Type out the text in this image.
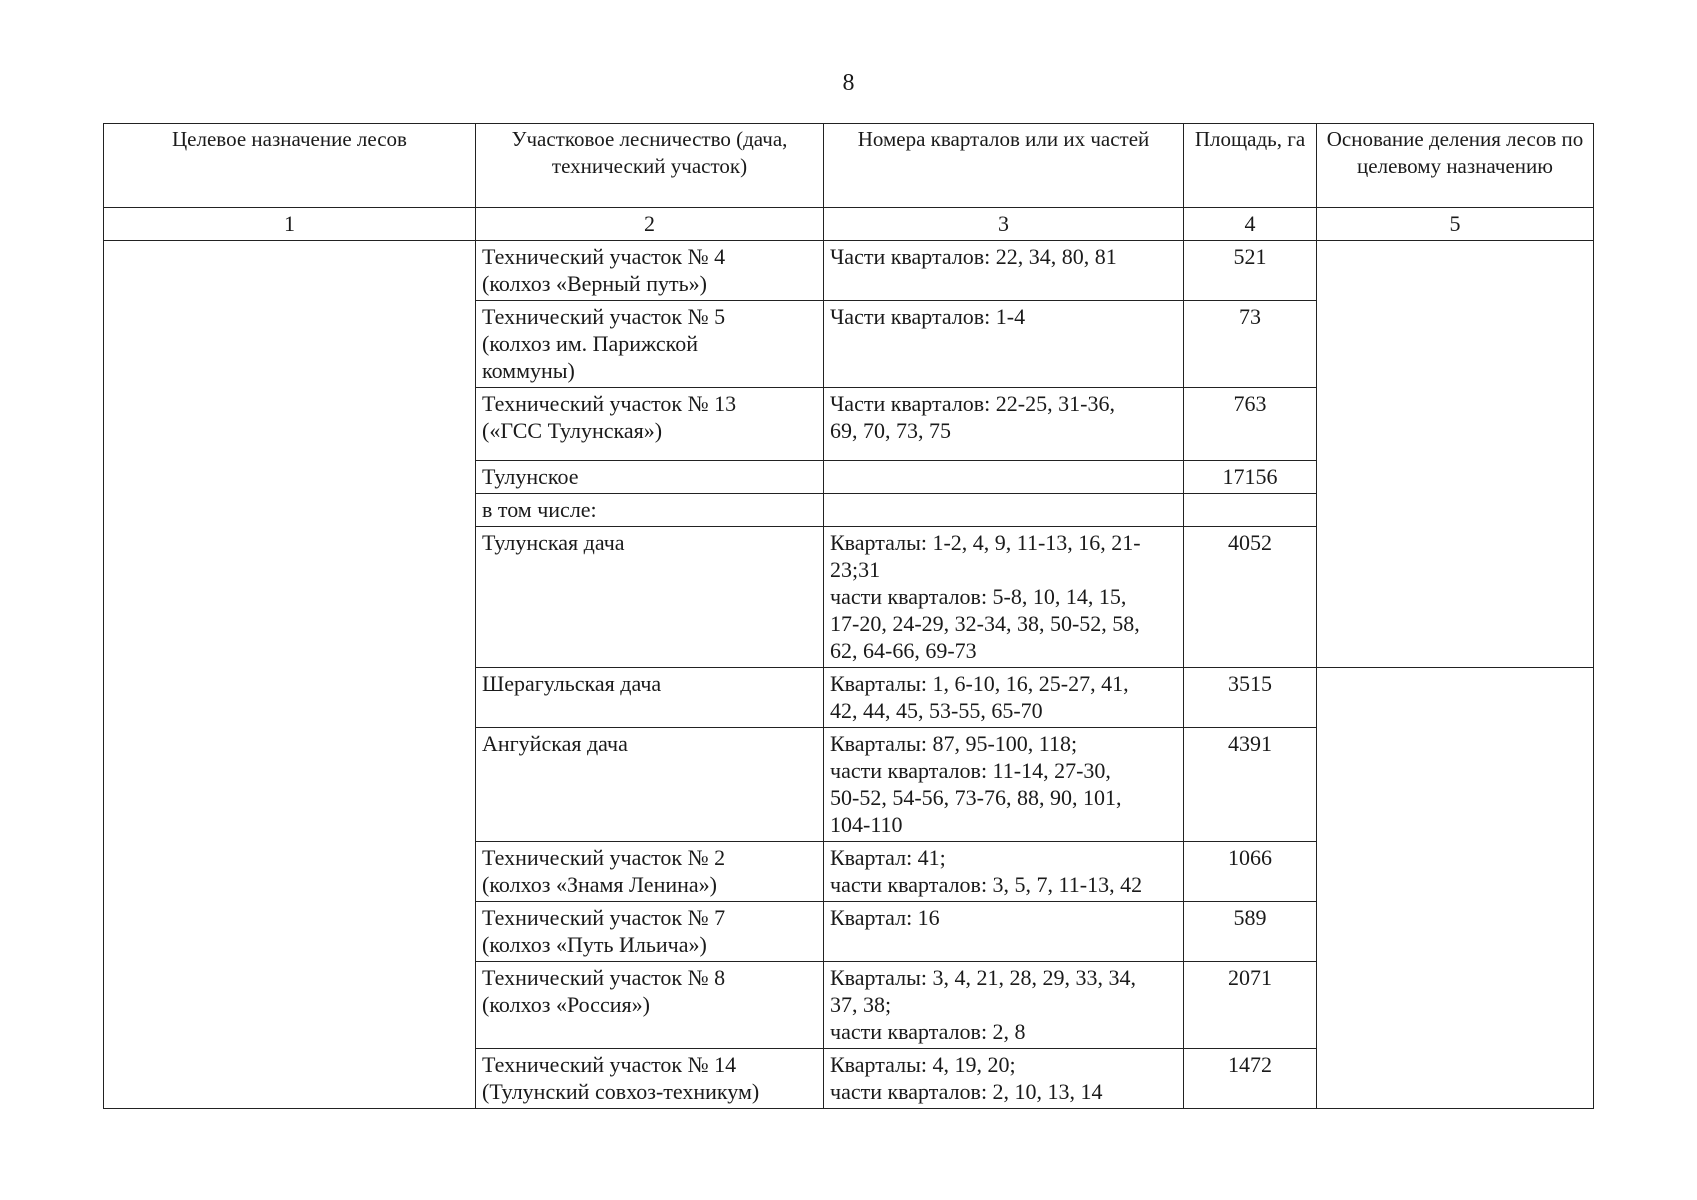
8
Целевое назначение лесов	Участковое лесничество (дача, технический участок)	Номера кварталов или их частей	Площадь, га	Основание деления лесов по целевому назначению
1	2	3	4	5

	Технический участок № 4
(колхоз «Верный путь»)	Части кварталов: 22, 34, 80, 81	521	

	Технический участок № 5
(колхоз им. Парижской
коммуны)	Части кварталов: 1-4	73	

	Технический участок № 13
(«ГСС Тулунская»)	Части кварталов: 22-25, 31-36,
69, 70, 73, 75	763	

	Тулунское		17156	

	в том числе:			

	Тулунская дача	Кварталы: 1-2, 4, 9, 11-13, 16, 21-
23;31
части кварталов: 5-8, 10, 14, 15,
17-20, 24-29, 32-34, 38, 50-52, 58,
62, 64-66, 69-73	4052	

	Шерагульская дача	Кварталы: 1, 6-10, 16, 25-27, 41,
42, 44, 45, 53-55, 65-70	3515	

	Ангуйская дача	Кварталы: 87, 95-100, 118;
части кварталов: 11-14, 27-30,
50-52, 54-56, 73-76, 88, 90, 101,
104-110	4391	

	Технический участок № 2
(колхоз «Знамя Ленина»)	Квартал: 41;
части кварталов: 3, 5, 7, 11-13, 42	1066	

	Технический участок № 7
(колхоз «Путь Ильича»)	Квартал: 16	589	

	Технический участок № 8
(колхоз «Россия»)	Кварталы: 3, 4, 21, 28, 29, 33, 34,
37, 38;
части кварталов: 2, 8	2071	

	Технический участок № 14
(Тулунский совхоз-техникум)	Кварталы: 4, 19, 20;
части кварталов: 2, 10, 13, 14	1472	
